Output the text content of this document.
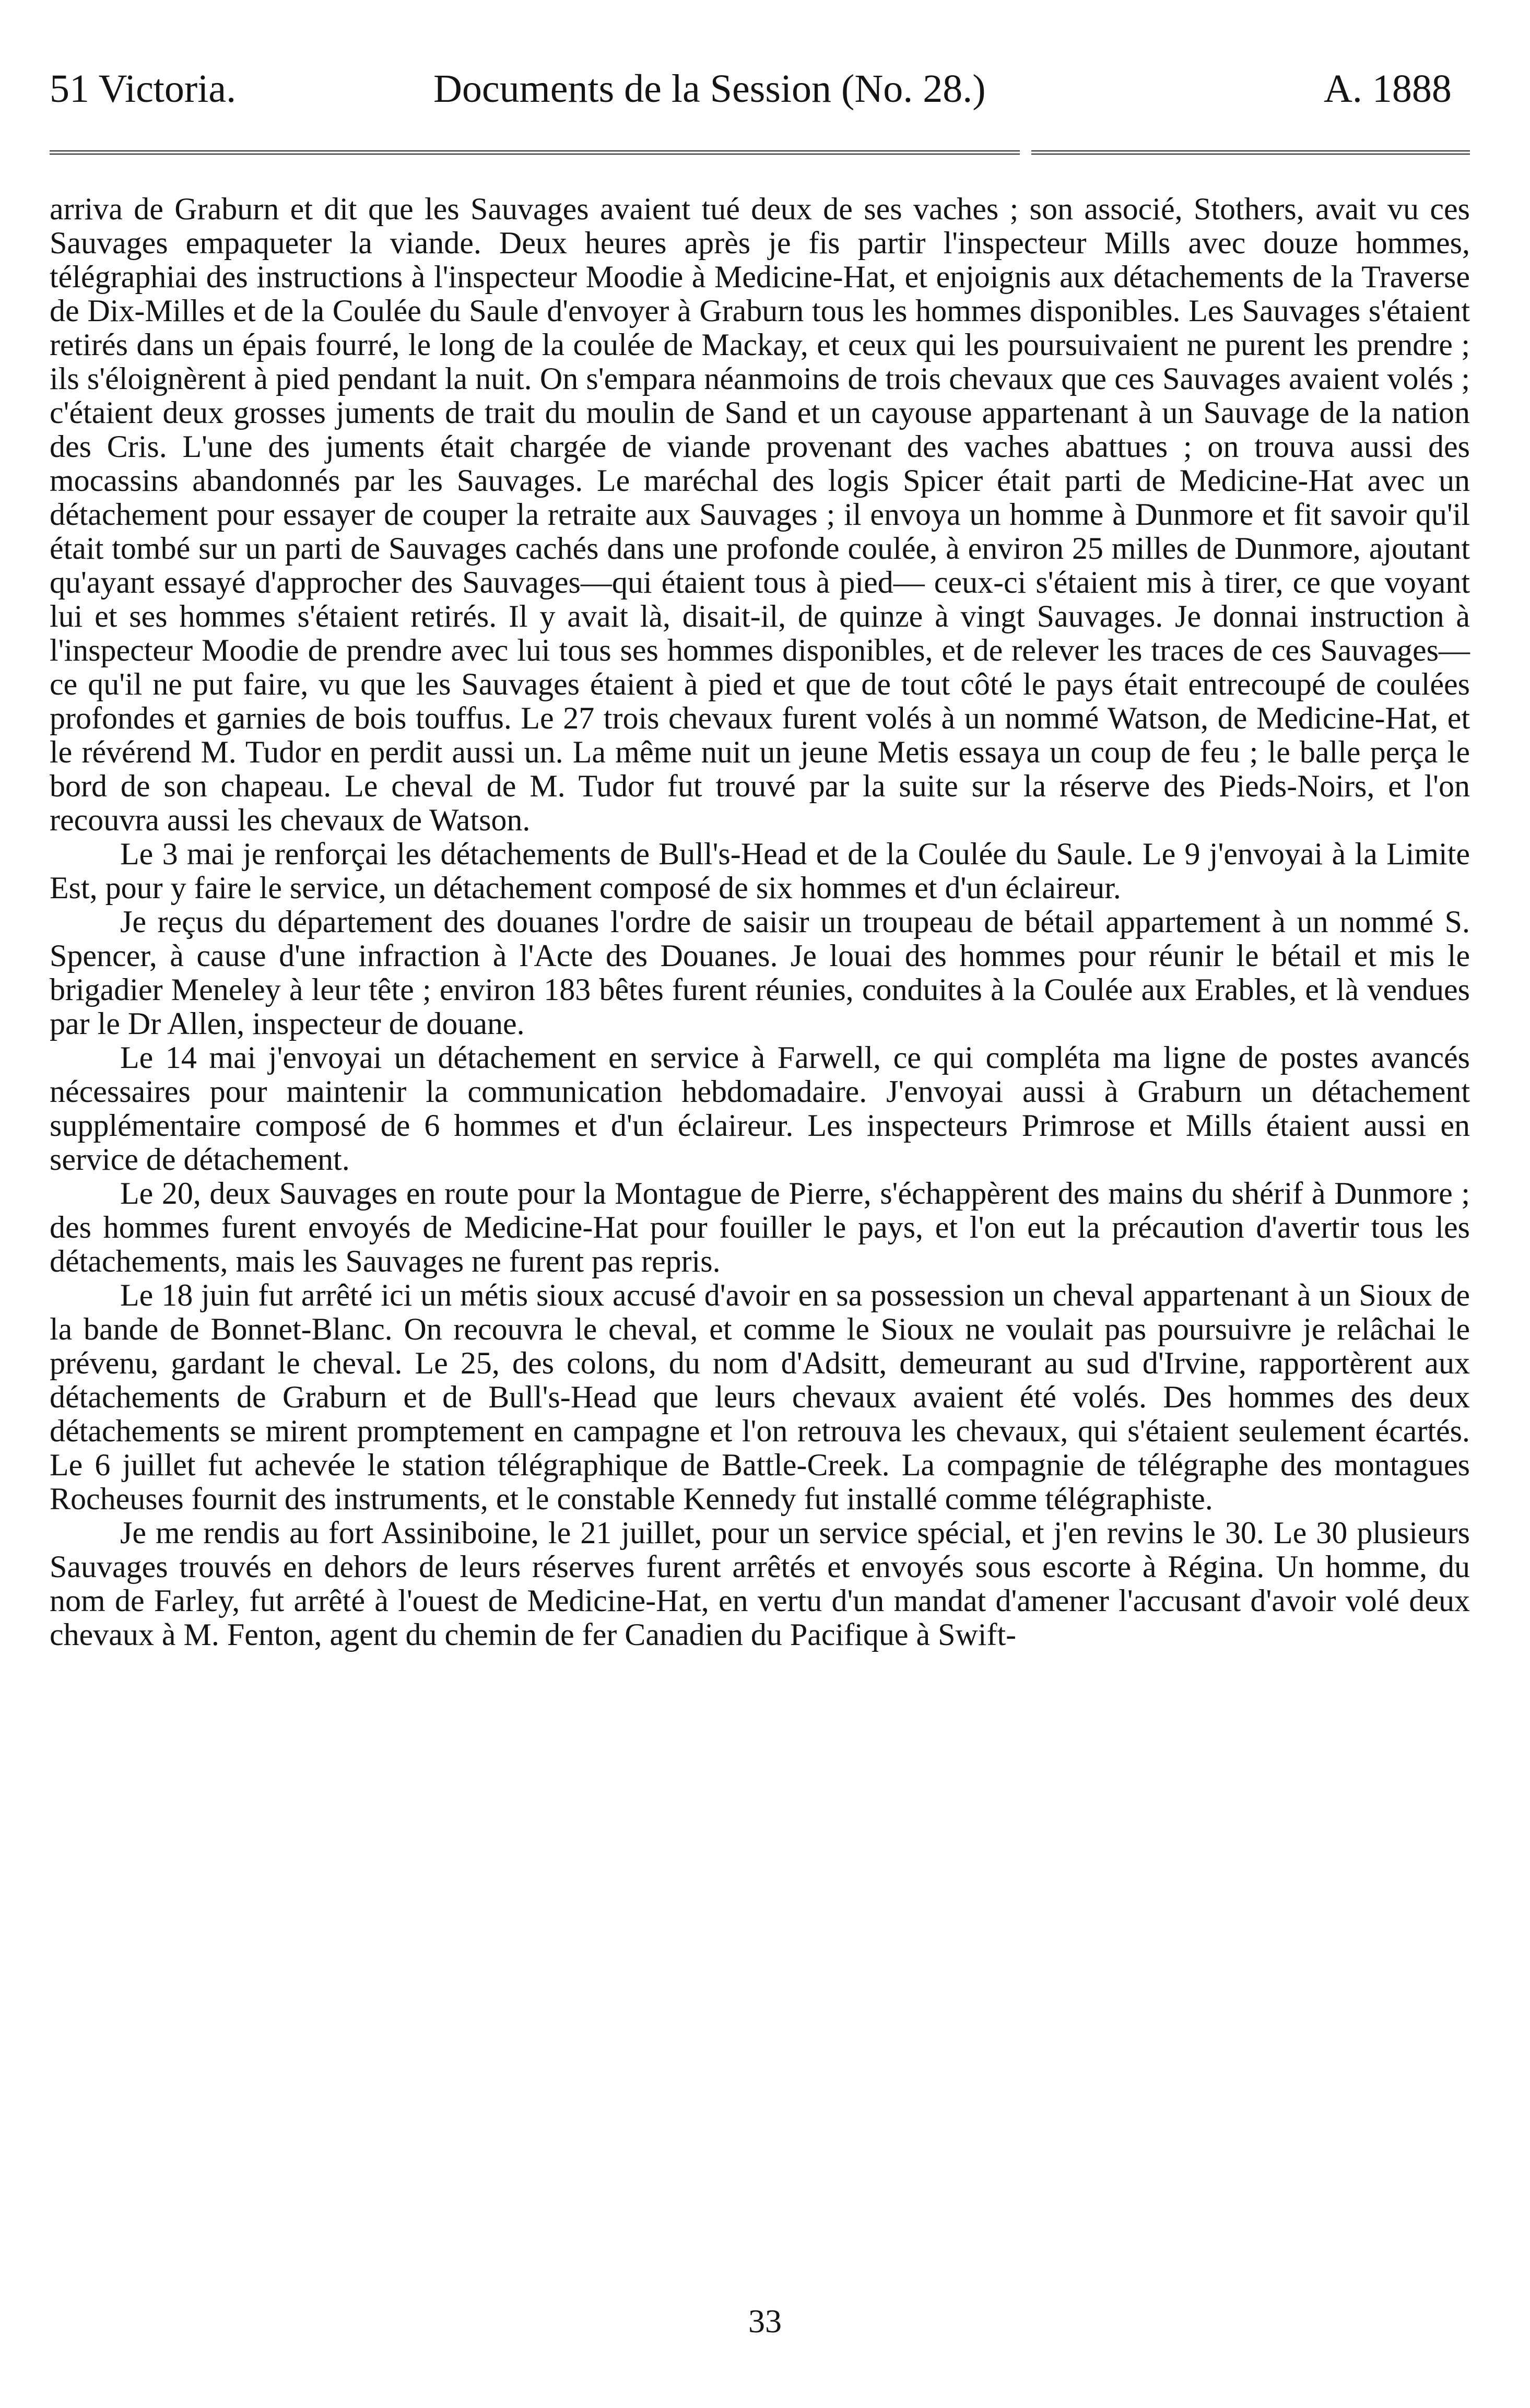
51 Victoria.	Documents de la Session (No. 28.)	A. 1888

arriva de Graburn et dit que les Sauvages avaient tué deux de ses vaches ; son associé, Stothers, avait vu ces Sauvages empaqueter la viande. Deux heures après je fis partir l'inspecteur Mills avec douze hommes, télégraphiai des instructions à l'inspecteur Moodie à Medicine-Hat, et enjoignis aux détachements de la Traverse de Dix-Milles et de la Coulée du Saule d'envoyer à Graburn tous les hommes disponibles. Les Sauvages s'étaient retirés dans un épais fourré, le long de la coulée de Mackay, et ceux qui les poursuivaient ne purent les prendre ; ils s'éloignèrent à pied pendant la nuit. On s'empara néanmoins de trois chevaux que ces Sauvages avaient volés ; c'étaient deux grosses juments de trait du moulin de Sand et un cayouse appartenant à un Sauvage de la nation des Cris. L'une des juments était chargée de viande provenant des vaches abattues ; on trouva aussi des mocassins abandonnés par les Sauvages. Le maréchal des logis Spicer était parti de Medicine-Hat avec un détachement pour essayer de couper la retraite aux Sauvages ; il envoya un homme à Dunmore et fit savoir qu'il était tombé sur un parti de Sauvages cachés dans une profonde coulée, à environ 25 milles de Dunmore, ajoutant qu'ayant essayé d'approcher des Sauvages—qui étaient tous à pied— ceux-ci s'étaient mis à tirer, ce que voyant lui et ses hommes s'étaient retirés. Il y avait là, disait-il, de quinze à vingt Sauvages. Je donnai instruction à l'inspecteur Moodie de prendre avec lui tous ses hommes disponibles, et de relever les traces de ces Sauvages—ce qu'il ne put faire, vu que les Sauvages étaient à pied et que de tout côté le pays était entrecoupé de coulées profondes et garnies de bois touffus. Le 27 trois chevaux furent volés à un nommé Watson, de Medicine-Hat, et le révérend M. Tudor en perdit aussi un. La même nuit un jeune Metis essaya un coup de feu ; le balle perça le bord de son chapeau. Le cheval de M. Tudor fut trouvé par la suite sur la réserve des Pieds-Noirs, et l'on recouvra aussi les chevaux de Watson.

Le 3 mai je renforçai les détachements de Bull's-Head et de la Coulée du Saule. Le 9 j'envoyai à la Limite Est, pour y faire le service, un détachement composé de six hommes et d'un éclaireur.

Je reçus du département des douanes l'ordre de saisir un troupeau de bétail appartement à un nommé S. Spencer, à cause d'une infraction à l'Acte des Douanes. Je louai des hommes pour réunir le bétail et mis le brigadier Meneley à leur tête ; environ 183 bêtes furent réunies, conduites à la Coulée aux Erables, et là vendues par le Dr Allen, inspecteur de douane.

Le 14 mai j'envoyai un détachement en service à Farwell, ce qui compléta ma ligne de postes avancés nécessaires pour maintenir la communication hebdomadaire. J'envoyai aussi à Graburn un détachement supplémentaire composé de 6 hommes et d'un éclaireur. Les inspecteurs Primrose et Mills étaient aussi en service de détachement.

Le 20, deux Sauvages en route pour la Montague de Pierre, s'échappèrent des mains du shérif à Dunmore ; des hommes furent envoyés de Medicine-Hat pour fouiller le pays, et l'on eut la précaution d'avertir tous les détachements, mais les Sauvages ne furent pas repris.

Le 18 juin fut arrêté ici un métis sioux accusé d'avoir en sa possession un cheval appartenant à un Sioux de la bande de Bonnet-Blanc. On recouvra le cheval, et comme le Sioux ne voulait pas poursuivre je relâchai le prévenu, gardant le cheval. Le 25, des colons, du nom d'Adsitt, demeurant au sud d'Irvine, rapportèrent aux détachements de Graburn et de Bull's-Head que leurs chevaux avaient été volés. Des hommes des deux détachements se mirent promptement en campagne et l'on retrouva les chevaux, qui s'étaient seulement écartés. Le 6 juillet fut achevée le station télégraphique de Battle-Creek. La compagnie de télégraphe des montagues Rocheuses fournit des instruments, et le constable Kennedy fut installé comme télégraphiste.

Je me rendis au fort Assiniboine, le 21 juillet, pour un service spécial, et j'en revins le 30. Le 30 plusieurs Sauvages trouvés en dehors de leurs réserves furent arrêtés et envoyés sous escorte à Régina. Un homme, du nom de Farley, fut arrêté à l'ouest de Medicine-Hat, en vertu d'un mandat d'amener l'accusant d'avoir volé deux chevaux à M. Fenton, agent du chemin de fer Canadien du Pacifique à Swift-

33
